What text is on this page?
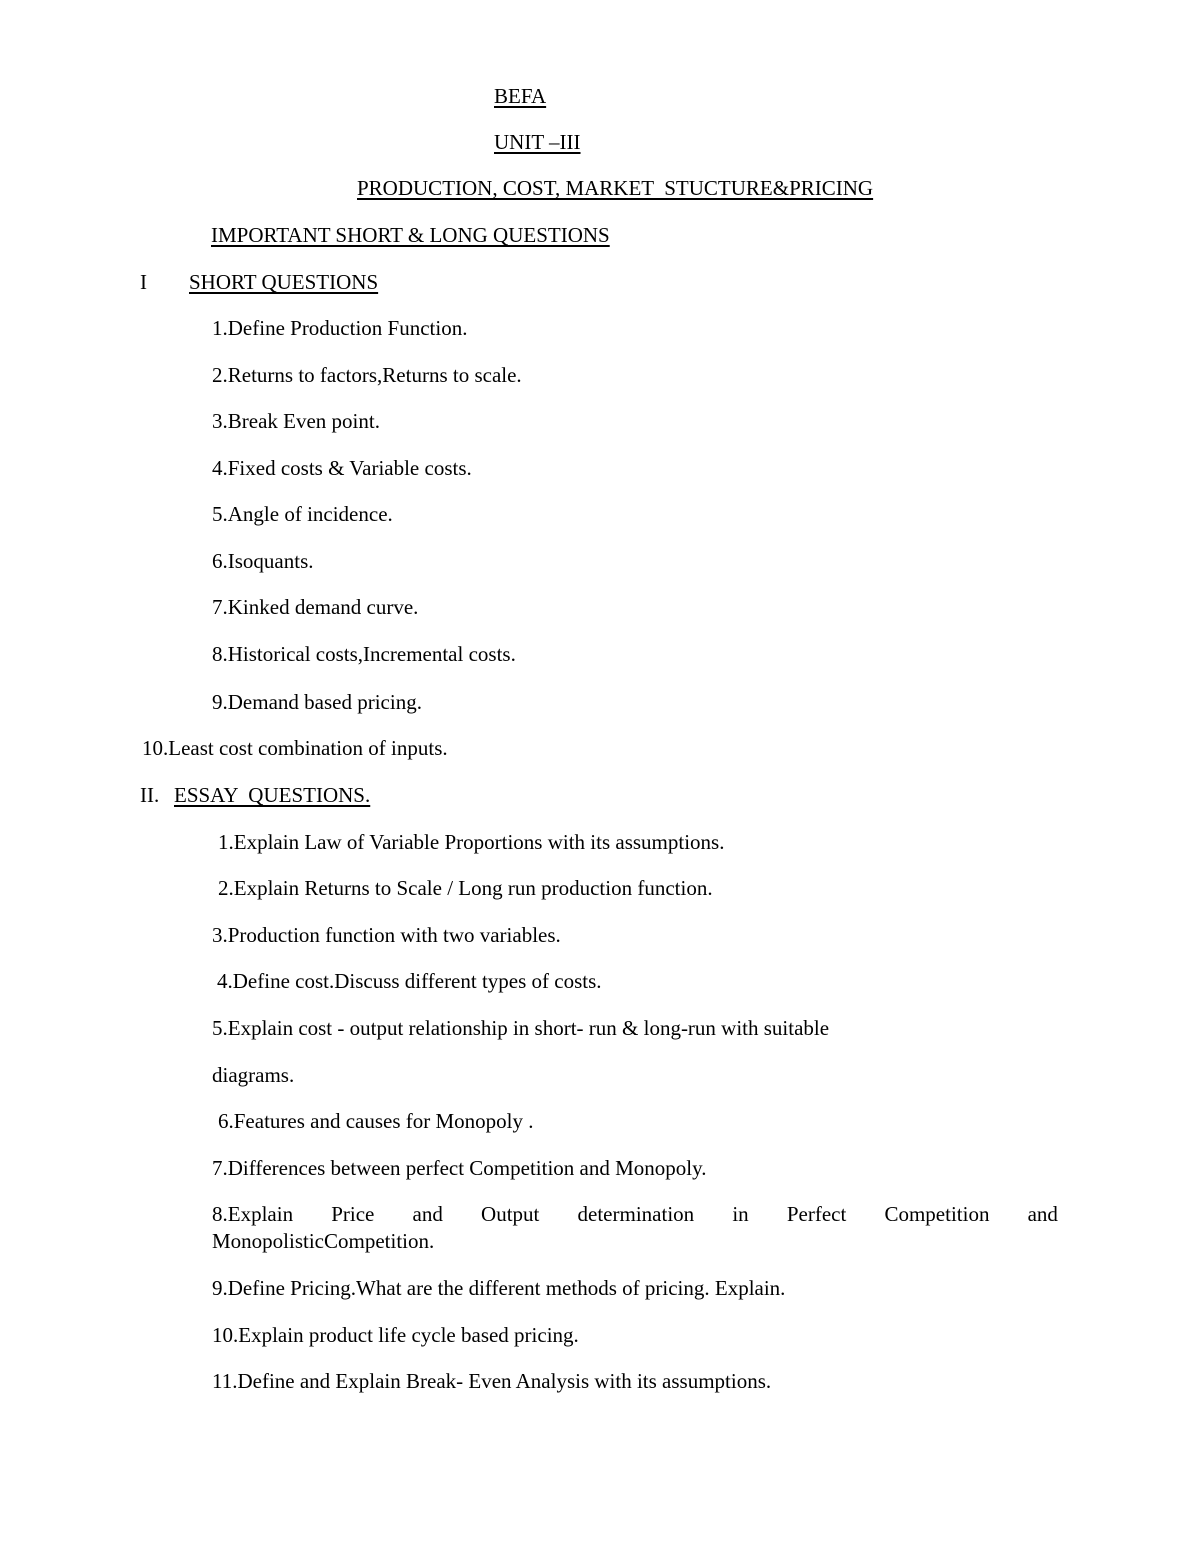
BEFA
UNIT –III
PRODUCTION, COST, MARKET  STUCTURE&PRICING
IMPORTANT SHORT & LONG QUESTIONS
I SHORT QUESTIONS
1.Define Production Function.
2.Returns to factors,Returns to scale.
3.Break Even point.
4.Fixed costs & Variable costs.
5.Angle of incidence.
6.Isoquants.
7.Kinked demand curve.
8.Historical costs,Incremental costs.
9.Demand based pricing.
10.Least cost combination of inputs.
II. ESSAY  QUESTIONS.
1.Explain Law of Variable Proportions with its assumptions.
2.Explain Returns to Scale / Long run production function.
3.Production function with two variables.
4.Define cost.Discuss different types of costs.
5.Explain cost - output relationship in short- run & long-run with suitable
diagrams.
6.Features and causes for Monopoly .
7.Differences between perfect Competition and Monopoly.
8.Explain Price and Output determination in Perfect Competition and
MonopolisticCompetition.
9.Define Pricing.What are the different methods of pricing. Explain.
10.Explain product life cycle based pricing.
11.Define and Explain Break- Even Analysis with its assumptions.
